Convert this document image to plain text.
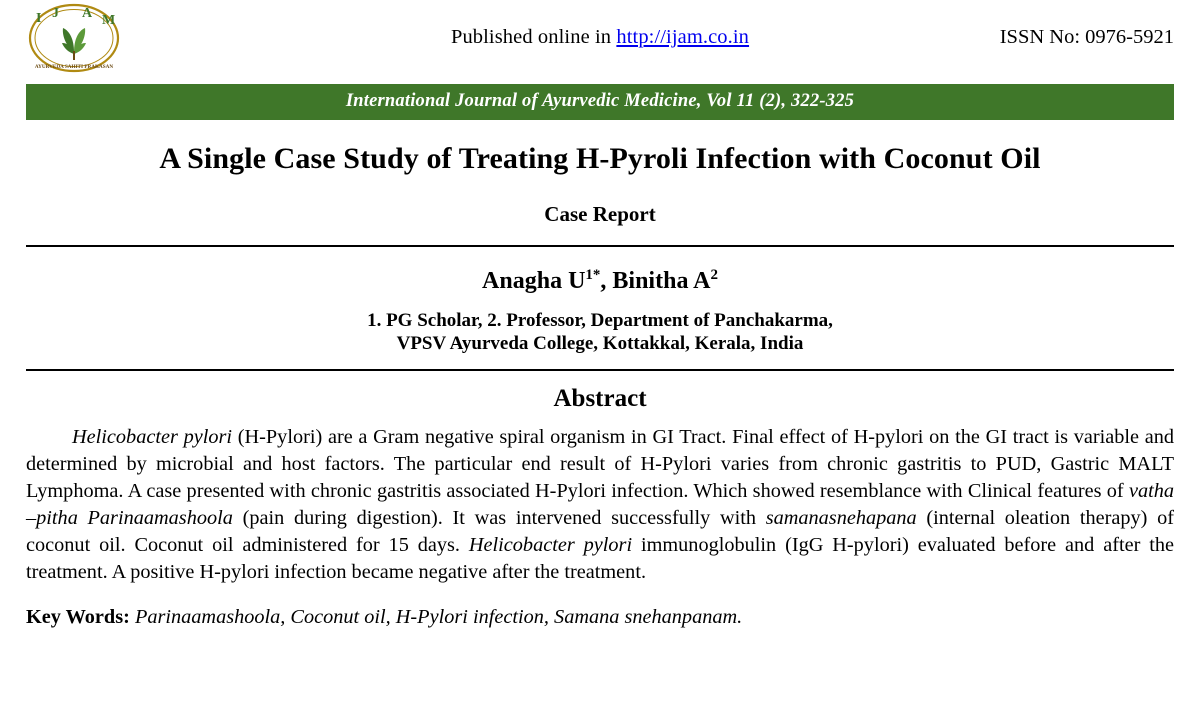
I J A M
AYURVEDA SAHITI PRAKASAN
Published online in http://ijam.co.in	ISSN No: 0976-5921
International Journal of Ayurvedic Medicine, Vol 11 (2), 322-325
A Single Case Study of Treating H-Pyroli Infection with Coconut Oil
Case Report
Anagha $U^{1*}$, Binitha $A^2$
1. PG Scholar, 2. Professor, Department of Panchakarma,
VPSV Ayurveda College, Kottakkal, Kerala, India
Abstract

Helicobacter pylori (H-Pylori) are a Gram negative spiral organism in GI Tract. Final effect of H-pylori on the GI tract is variable and determined by microbial and host factors. The particular end result of H-Pylori varies from chronic gastritis to PUD, Gastric MALT Lymphoma. A case presented with chronic gastritis associated H-Pylori infection. Which showed resemblance with Clinical features of vatha –pitha Parinaamashoola (pain during digestion). It was intervened successfully with samanasnehapana (internal oleation therapy) of coconut oil. Coconut oil administered for 15 days. Helicobacter pylori immunoglobulin (IgG H-pylori) evaluated before and after the treatment. A positive H-pylori infection became negative after the treatment.

Key Words: Parinaamashoola, Coconut oil, H-Pylori infection, Samana snehanpanam.
